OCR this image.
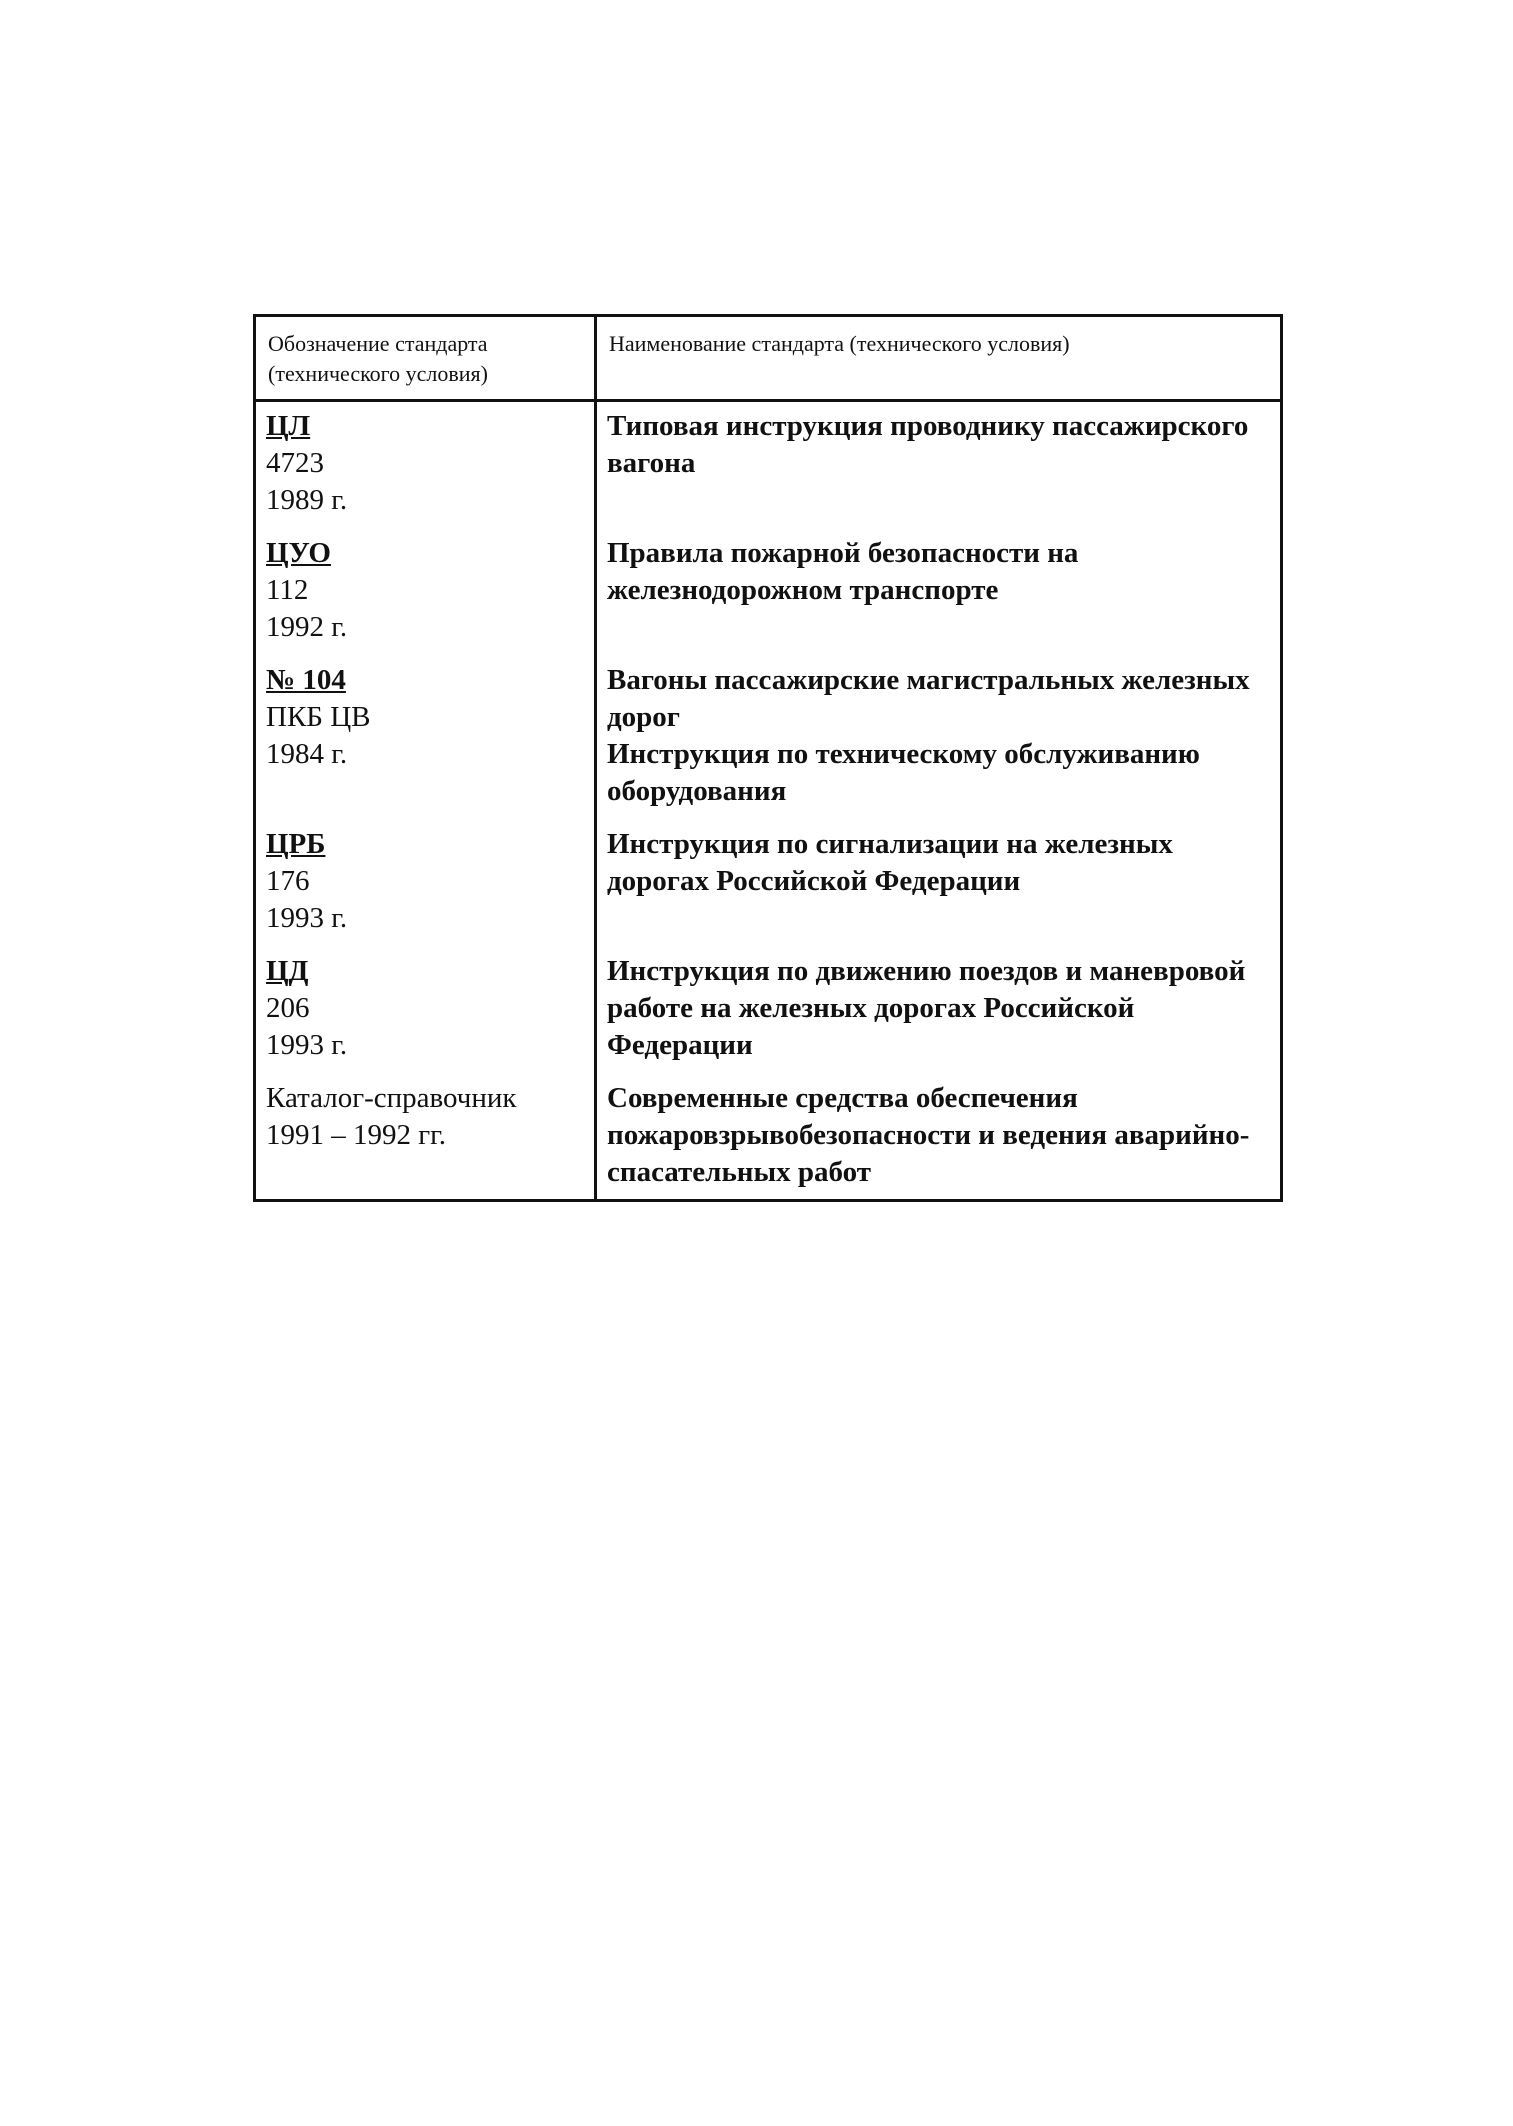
Обозначение стандарта (технического условия)	Наименование стандарта (технического условия)

ЦЛ
4723
1989 г.	Типовая инструкция проводнику пассажирского вагона

ЦУО
112
1992 г.	Правила пожарной безопасности на железнодорожном транспорте

№ 104
ПКБ ЦВ
1984 г.	Вагоны пассажирские магистральных железных дорог
Инструкция по техническому обслуживанию оборудования

ЦРБ
176
1993 г.	Инструкция по сигнализации на железных дорогах Российской Федерации

ЦД
206
1993 г.	Инструкция по движению поездов и маневровой работе на железных дорогах Российской Федерации

Каталог-справочник
1991 – 1992 гг.	Современные средства обеспечения пожаровзрывобезопасности и ведения аварийно-спасательных работ
